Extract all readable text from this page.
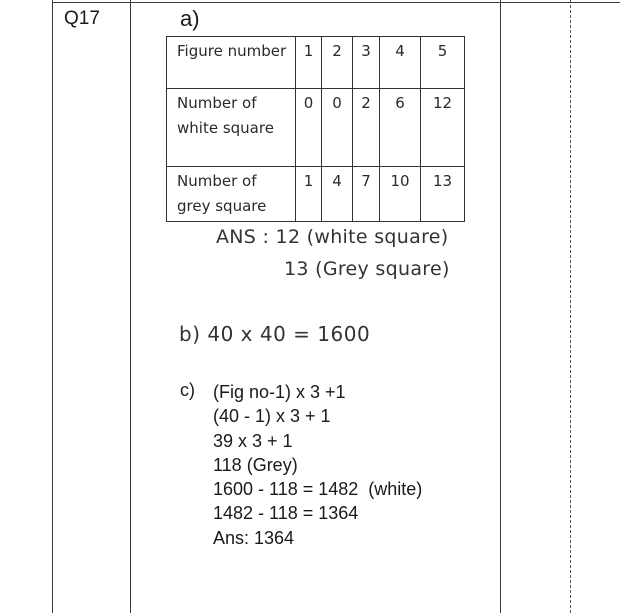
Q17	a)
Figure number	1	2	3	4	5
Number of white square	0	0	2	6	12
Number of grey square	1	4	7	10	13
ANS : 12 (white square)
13 (Grey square)
b) 40 x 40 = 1600
c) (Fig no-1) x 3 +1
(40 - 1) x 3 + 1
39 x 3 + 1
118 (Grey)
1600 - 118 = 1482  (white)
1482 - 118 = 1364
Ans: 1364
